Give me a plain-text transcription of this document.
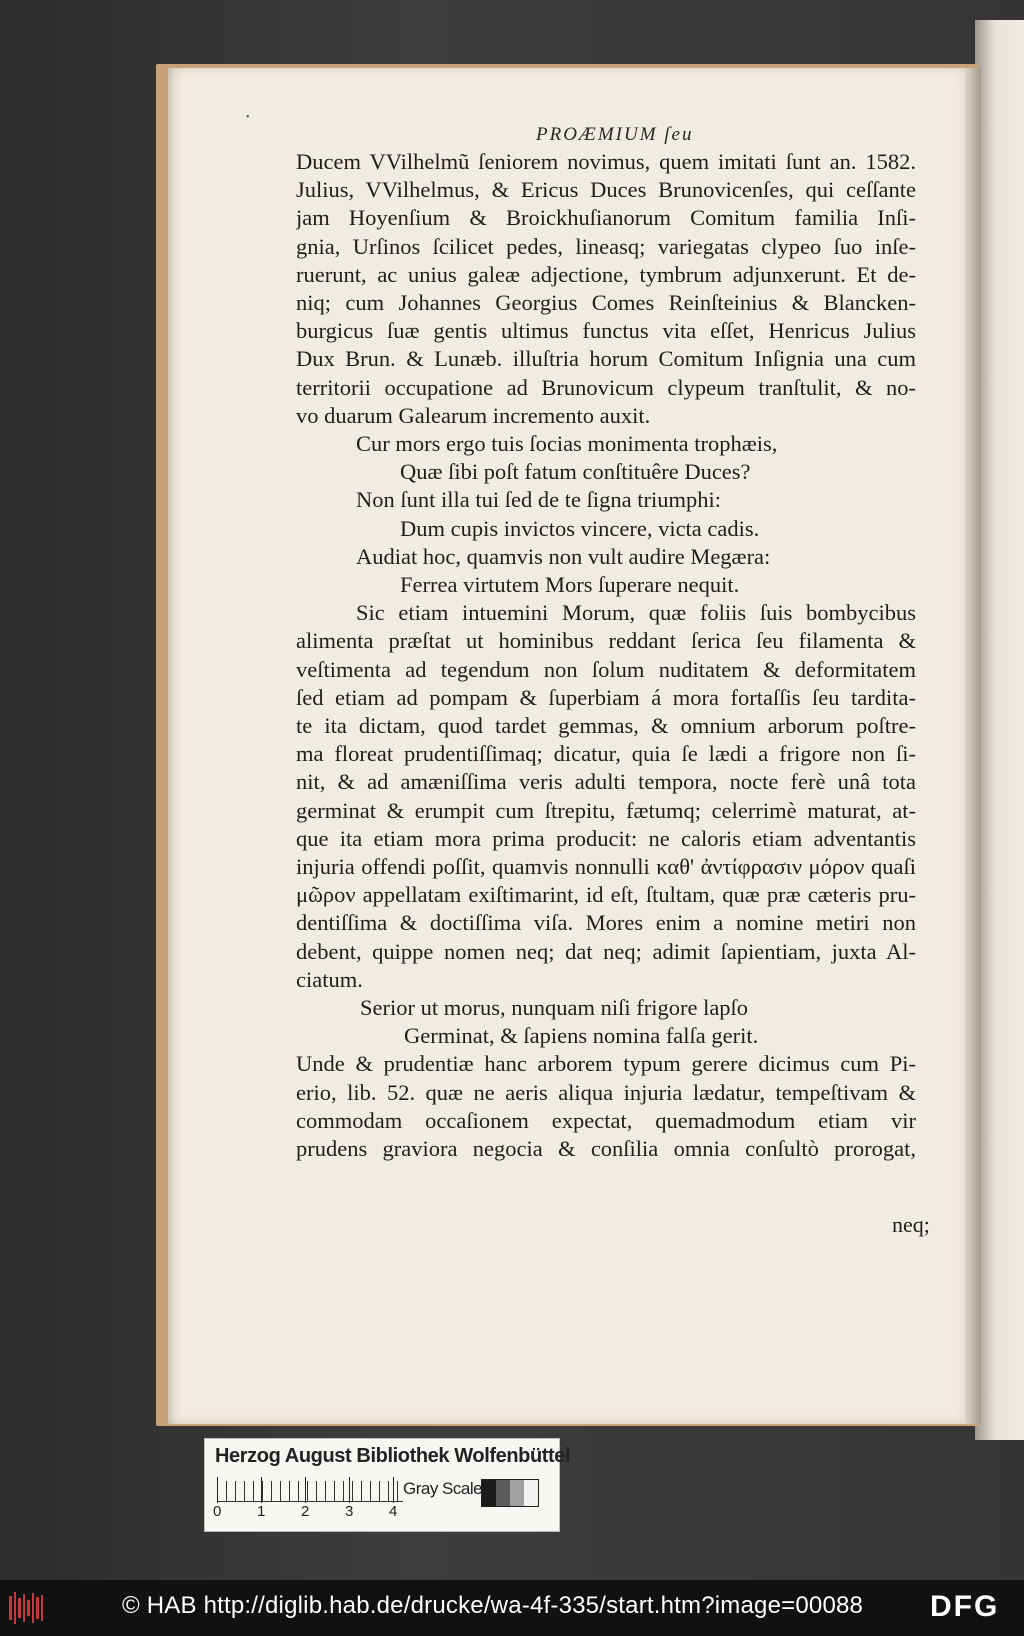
•
PROÆMIUM ſeu
Ducem VVilhelmũ ſeniorem novimus, quem imitati ſunt an. 1582.
Julius, VVilhelmus, & Ericus Duces Brunovicenſes, qui ceſſante
jam Hoyenſium & Broickhuſianorum Comitum familia Inſi-
gnia, Urſinos ſcilicet pedes, lineasq; variegatas clypeo ſuo inſe-
ruerunt, ac unius galeæ adjectione, tymbrum adjunxerunt. Et de-
niq; cum Johannes Georgius Comes Reinſteinius & Blancken-
burgicus ſuæ gentis ultimus functus vita eſſet, Henricus Julius
Dux Brun. & Lunæb. illuſtria horum Comitum Inſignia una cum
territorii occupatione ad Brunovicum clypeum tranſtulit, & no-
vo duarum Galearum incremento auxit.
Cur mors ergo tuis ſocias monimenta trophæis,
Quæ ſibi poſt fatum conſtituêre Duces?
Non ſunt illa tui ſed de te ſigna triumphi:
Dum cupis invictos vincere, victa cadis.
Audiat hoc, quamvis non vult audire Megæra:
Ferrea virtutem Mors ſuperare nequit.
Sic etiam intuemini Morum, quæ foliis ſuis bombycibus
alimenta præſtat ut hominibus reddant ſerica ſeu filamenta &
veſtimenta ad tegendum non ſolum nuditatem & deformitatem
ſed etiam ad pompam & ſuperbiam á mora fortaſſis ſeu tardita-
te ita dictam, quod tardet gemmas, & omnium arborum poſtre-
ma floreat prudentiſſimaq; dicatur, quia ſe lædi a frigore non ſi-
nit, & ad amæniſſima veris adulti tempora, nocte ferè unâ tota
germinat & erumpit cum ſtrepitu, fætumq; celerrimè maturat, at-
que ita etiam mora prima producit: ne caloris etiam adventantis
injuria offendi poſſit, quamvis nonnulli καθ' ἀντίφρασιν μόρον quaſi
μῶρον appellatam exiſtimarint, id eſt, ſtultam, quæ præ cæteris pru-
dentiſſima & doctiſſima viſa. Mores enim a nomine metiri non
debent, quippe nomen neq; dat neq; adimit ſapientiam, juxta Al-
ciatum.
Serior ut morus, nunquam niſi frigore lapſo
Germinat, & ſapiens nomina falſa gerit.
Unde & prudentiæ hanc arborem typum gerere dicimus cum Pi-
erio, lib. 52. quæ ne aeris aliqua injuria lædatur, tempeſtivam &
commodam occaſionem expectat, quemadmodum etiam vir
prudens graviora negocia & conſilia omnia conſultò prorogat,
neq;
Herzog August Bibliothek Wolfenbüttel
0 1 2 3 4
Gray Scale
© HAB http://diglib.hab.de/drucke/wa-4f-335/start.htm?image=00088 DFG
